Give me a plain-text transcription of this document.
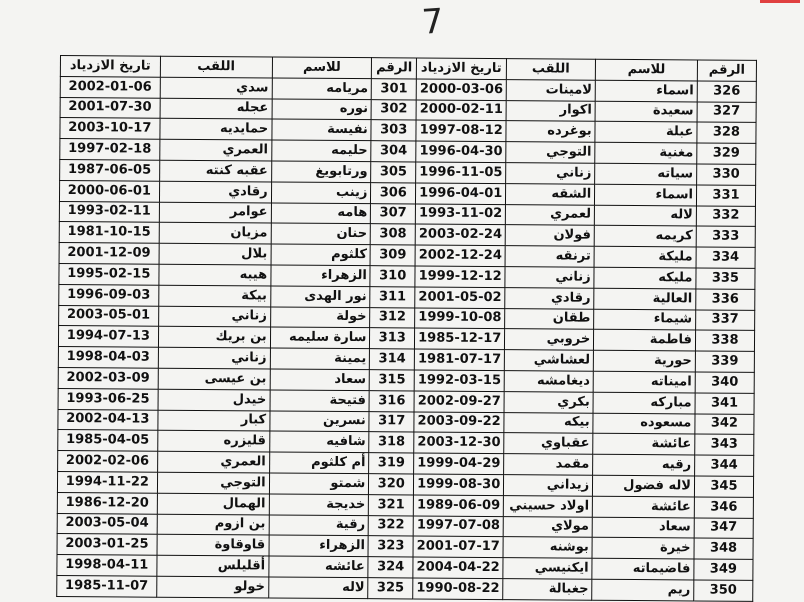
7
تاريخ الازدياد	اللقب	للاسم	الرقم	تاريخ الازدياد	اللقب	للاسم	الرقم
2002-01-06	سدي	مريامه	301	2000-03-06	لامينات	اسماء	326
2001-07-30	عجله	نوره	302	2000-02-11	اكوار	سعيدة	327
2003-10-17	حمايديه	نفيسة	303	1997-08-12	بوغرده	عبلة	328
1997-02-18	العمري	حليمه	304	1996-04-30	التوجي	مغنية	329
1987-06-05	عقبه كنته	ورتابويغ	305	1996-11-05	زناني	سياته	330
2000-06-01	رقادي	زينب	306	1996-04-01	الشقه	اسماء	331
1993-02-11	عوامر	هامه	307	1993-11-02	لعمري	لاله	332
1981-10-15	مزيان	حنان	308	2003-02-24	فولان	كريمه	333
2001-12-09	بلال	كلثوم	309	2002-12-24	ترنقه	مليكة	334
1995-02-15	هيبه	الزهراء	310	1999-12-12	زناني	مليكه	335
1996-09-03	بيكة	نور الهدى	311	2001-05-02	رقادي	العالية	336
2003-05-01	زناني	خولة	312	1999-10-08	طقان	شيماء	337
1994-07-13	بن بريك	سارة سليمه	313	1985-12-17	خروبي	فاطمة	338
1998-04-03	زناني	يمينة	314	1981-07-17	لعشاشي	حورية	339
2002-03-09	بن عيسى	سعاد	315	1992-03-15	ديغامشه	اميناته	340
1993-06-25	خيدل	فتيحة	316	2002-09-27	بكري	مباركه	341
2002-04-13	كبار	نسرين	317	2003-09-22	بيكه	مسعوده	342
1985-04-05	قليزره	شافيه	318	2003-12-30	عقباوي	عائشة	343
2002-02-06	العمري	أم كلثوم	319	1999-04-29	مقمد	رقيه	344
1994-11-22	التوجي	شمتو	320	1999-08-30	زيداني	لاله فضول	345
1986-12-20	الهمال	خديجة	321	1989-06-09	اولاد حسيني	عائشة	346
2003-05-04	بن ازوم	رقية	322	1997-07-08	مولاي	سعاد	347
2003-01-25	قاوقاوة	الزهراء	323	2001-07-17	بوشنه	خيرة	348
1998-04-11	أقليلس	عائشه	324	2004-04-22	ايكنيسي	فاضيماته	349
1985-11-07	خولو	لاله	325	1990-08-22	جغبالة	ريم	350
